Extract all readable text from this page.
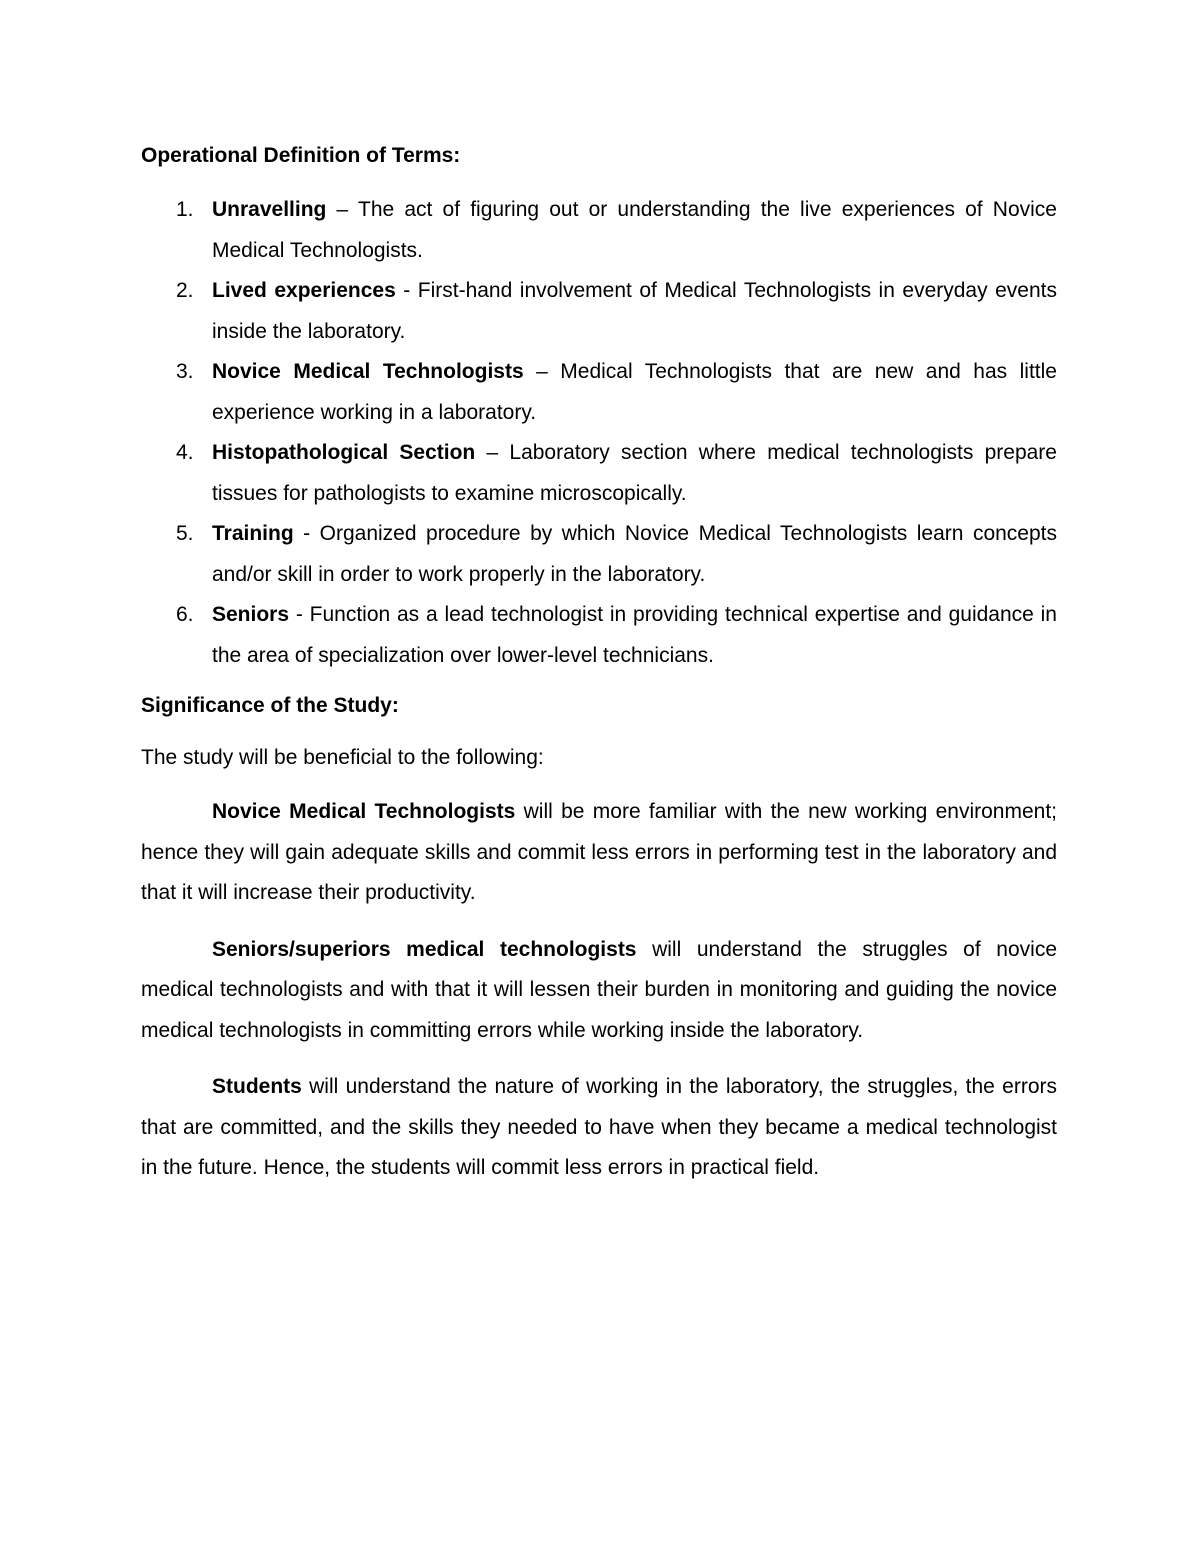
Operational Definition of Terms:
1. Unravelling – The act of figuring out or understanding the live experiences of Novice Medical Technologists.
2. Lived experiences - First-hand involvement of Medical Technologists in everyday events inside the laboratory.
3. Novice Medical Technologists – Medical Technologists that are new and has little experience working in a laboratory.
4. Histopathological Section – Laboratory section where medical technologists prepare tissues for pathologists to examine microscopically.
5. Training - Organized procedure by which Novice Medical Technologists learn concepts and/or skill in order to work properly in the laboratory.
6. Seniors - Function as a lead technologist in providing technical expertise and guidance in the area of specialization over lower-level technicians.
Significance of the Study:

The study will be beneficial to the following:

Novice Medical Technologists will be more familiar with the new working environment; hence they will gain adequate skills and commit less errors in performing test in the laboratory and that it will increase their productivity.

Seniors/superiors medical technologists will understand the struggles of novice medical technologists and with that it will lessen their burden in monitoring and guiding the novice medical technologists in committing errors while working inside the laboratory.

Students will understand the nature of working in the laboratory, the struggles, the errors that are committed, and the skills they needed to have when they became a medical technologist in the future. Hence, the students will commit less errors in practical field.
